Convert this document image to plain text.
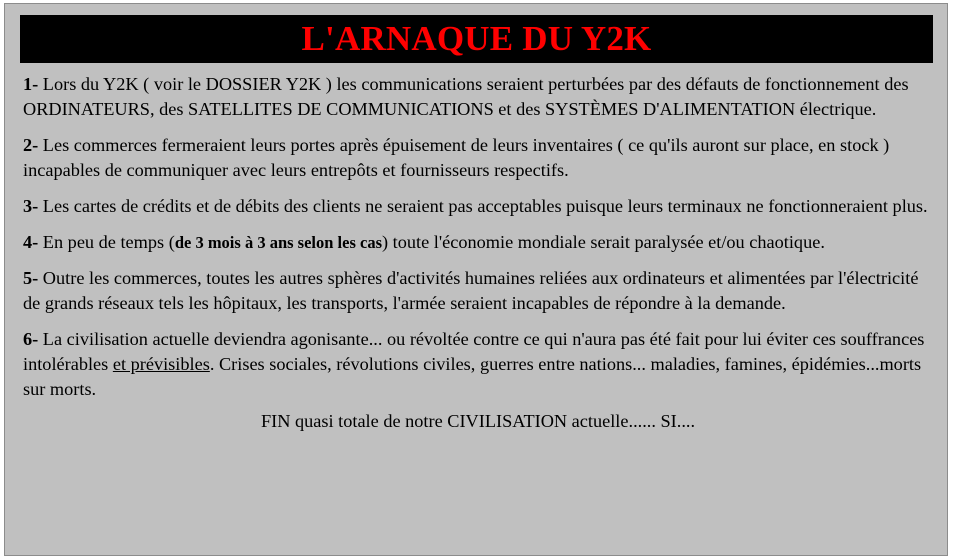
L'ARNAQUE DU Y2K

1- Lors du Y2K ( voir le DOSSIER Y2K ) les communications seraient perturbées par des défauts de fonctionnement des ORDINATEURS, des SATELLITES DE COMMUNICATIONS et des SYSTÈMES D'ALIMENTATION électrique.

2- Les commerces fermeraient leurs portes après épuisement de leurs inventaires ( ce qu'ils auront sur place, en stock ) incapables de communiquer avec leurs entrepôts et fournisseurs respectifs.

3- Les cartes de crédits et de débits des clients ne seraient pas acceptables puisque leurs terminaux ne fonctionneraient plus.

4- En peu de temps (de 3 mois à 3 ans selon les cas) toute l'économie mondiale serait paralysée et/ou chaotique.

5- Outre les commerces, toutes les autres sphères d'activités humaines reliées aux ordinateurs et alimentées par l'électricité de grands réseaux tels les hôpitaux, les transports, l'armée seraient incapables de répondre à la demande.

6- La civilisation actuelle deviendra agonisante... ou révoltée contre ce qui n'aura pas été fait pour lui éviter ces souffrances intolérables et prévisibles. Crises sociales, révolutions civiles, guerres entre nations... maladies, famines, épidémies...morts sur morts.

FIN quasi totale de notre CIVILISATION actuelle...... SI....
